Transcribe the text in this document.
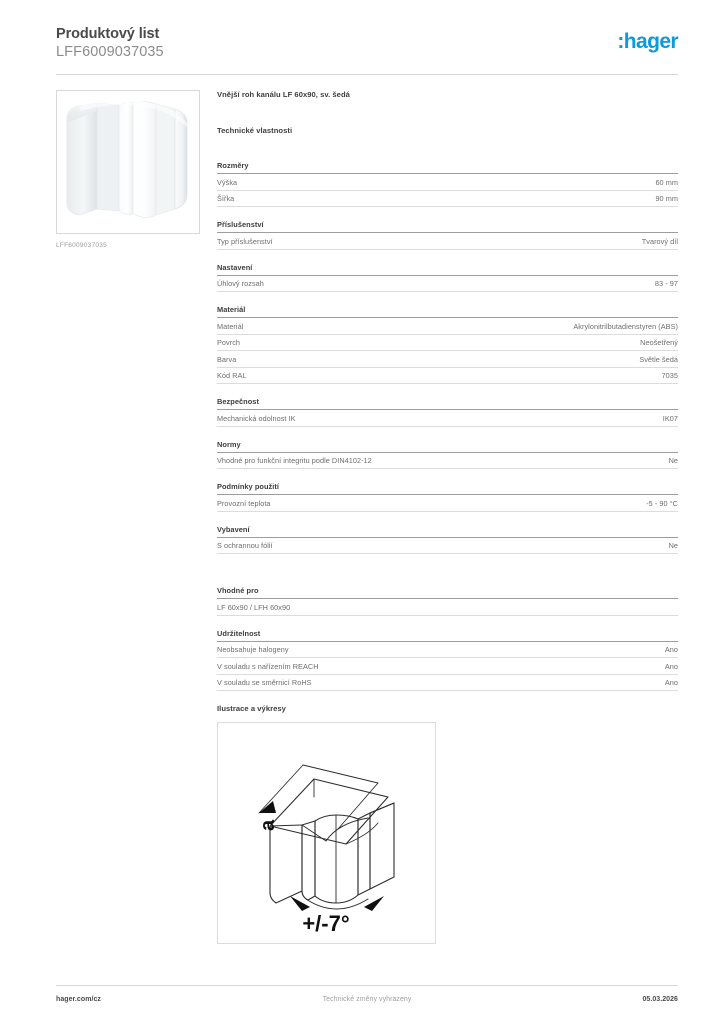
Produktový list
LFF6009037035	:hager
LFF6009037035
Vnější roh kanálu LF 60x90, sv. šedá
Technické vlastnosti
Rozměry
Výška	60 mm
Šířka	90 mm
Příslušenství
Typ příslušenství	Tvarový díl
Nastavení
Úhlový rozsah	83 - 97
Materiál
Materiál	Akrylonitrilbutadienstyren (ABS)
Povrch	Neošetřený
Barva	Světle šedá
Kód RAL	7035
Bezpečnost
Mechanická odolnost IK	IK07
Normy
Vhodné pro funkční integritu podle DIN4102-12	Ne
Podmínky použití
Provozní teplota	-5 - 90 °C
Vybavení
S ochrannou fólií	Ne
Vhodné pro
LF 60x90 / LFH 60x90
Udržitelnost
Neobsahuje halogeny	Ano
V souladu s nařízením REACH	Ano
V souladu se směrnicí RoHS	Ano
Ilustrace a výkresy
a
+/-7°
hager.com/cz	Technické změny vyhrazeny	05.03.2026
